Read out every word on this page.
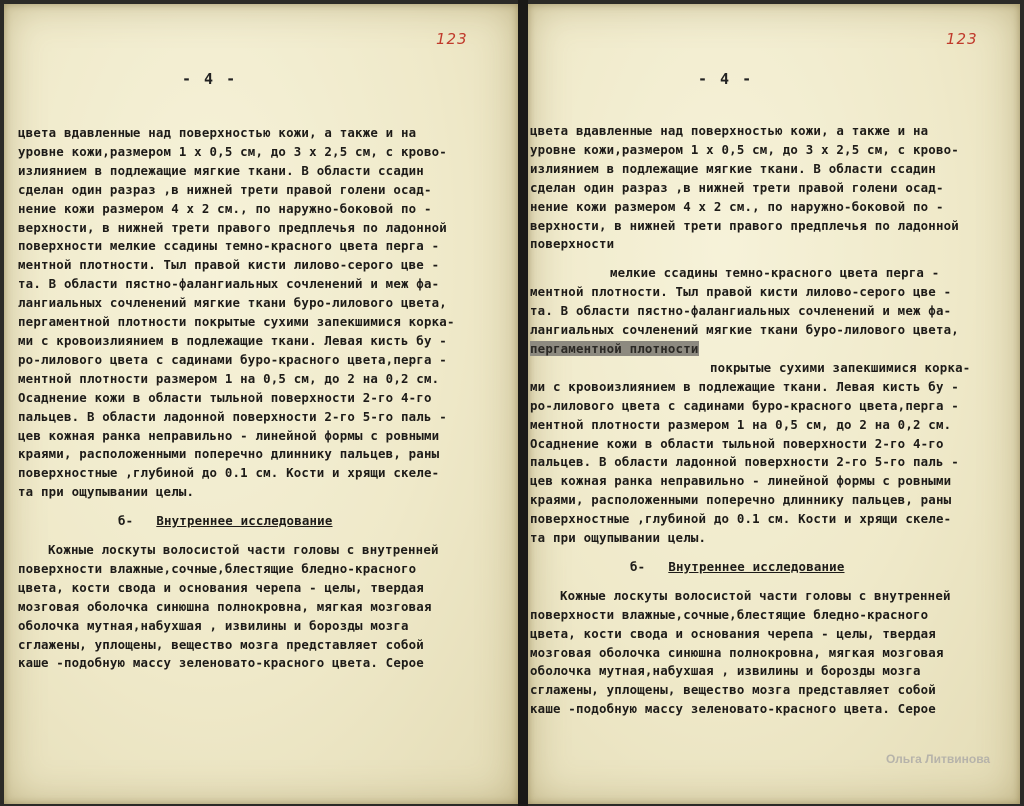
123
- 4 -
цвета вдавленные над поверхностью кожи, а также и на
уровне кожи,размером 1 х 0,5 см, до 3 х 2,5 см, с крово-
излиянием в подлежащие мягкие ткани. В области ссадин
сделан один разраз ,в нижней трети правой голени осад-
нение кожи размером 4 х 2 см., по наружно-боковой по -
верхности, в нижней трети правого предплечья по ладонной
поверхности мелкие ссадины темно-красного цвета перга -
ментной плотности. Тыл правой кисти лилово-серого цве -
та. В области пястно-фалангиальных сочленений и меж фа-
лангиальных сочленений мягкие ткани буро-лилового цвета,
пергаментной плотности покрытые сухими запекшимися корка-
ми с кровоизлиянием в подлежащие ткани. Левая кисть бу -
ро-лилового цвета с садинами буро-красного цвета,перга -
ментной плотности размером 1 на 0,5 см, до 2 на 0,2 см.
Осаднение кожи в области тыльной поверхности 2-го 4-го
пальцев. В области ладонной поверхности 2-го 5-го паль -
цев кожная ранка неправильно - линейной формы с ровными
краями, расположенными поперечно длиннику пальцев, раны
поверхностные ,глубиной до 0.1 см. Кости и хрящи скеле-
та при ощупывании целы.
б- Внутреннее исследование
Кожные лоскуты волосистой части головы с внутренней
поверхности влажные,сочные,блестящие бледно-красного
цвета, кости свода и основания черепа - целы, твердая
мозговая оболочка синюшна полнокровна, мягкая мозговая
оболочка мутная,набухшая , извилины и борозды мозга
сглажены, уплощены, вещество мозга представляет собой
каше -подобную массу зеленовато-красного цвета. Серое
123
- 4 -
цвета вдавленные над поверхностью кожи, а также и на
уровне кожи,размером 1 х 0,5 см, до 3 х 2,5 см, с крово-
излиянием в подлежащие мягкие ткани. В области ссадин
сделан один разраз ,в нижней трети правой голени осад-
нение кожи размером 4 х 2 см., по наружно-боковой по -
верхности, в нижней трети правого предплечья по ладонной
поверхности
мелкие ссадины темно-красного цвета перга -
ментной плотности. Тыл правой кисти лилово-серого цве -
та. В области пястно-фалангиальных сочленений и меж фа-
лангиальных сочленений мягкие ткани буро-лилового цвета,
пергаментной плотности
покрытые сухими запекшимися корка-
ми с кровоизлиянием в подлежащие ткани. Левая кисть бу -
ро-лилового цвета с садинами буро-красного цвета,перга -
ментной плотности размером 1 на 0,5 см, до 2 на 0,2 см.
Осаднение кожи в области тыльной поверхности 2-го 4-го
пальцев. В области ладонной поверхности 2-го 5-го паль -
цев кожная ранка неправильно - линейной формы с ровными
краями, расположенными поперечно длиннику пальцев, раны
поверхностные ,глубиной до 0.1 см. Кости и хрящи скеле-
та при ощупывании целы.
б- Внутреннее исследование
Кожные лоскуты волосистой части головы с внутренней
поверхности влажные,сочные,блестящие бледно-красного
цвета, кости свода и основания черепа - целы, твердая
мозговая оболочка синюшна полнокровна, мягкая мозговая
оболочка мутная,набухшая , извилины и борозды мозга
сглажены, уплощены, вещество мозга представляет собой
каше -подобную массу зеленовато-красного цвета. Серое
Ольга Литвинова
